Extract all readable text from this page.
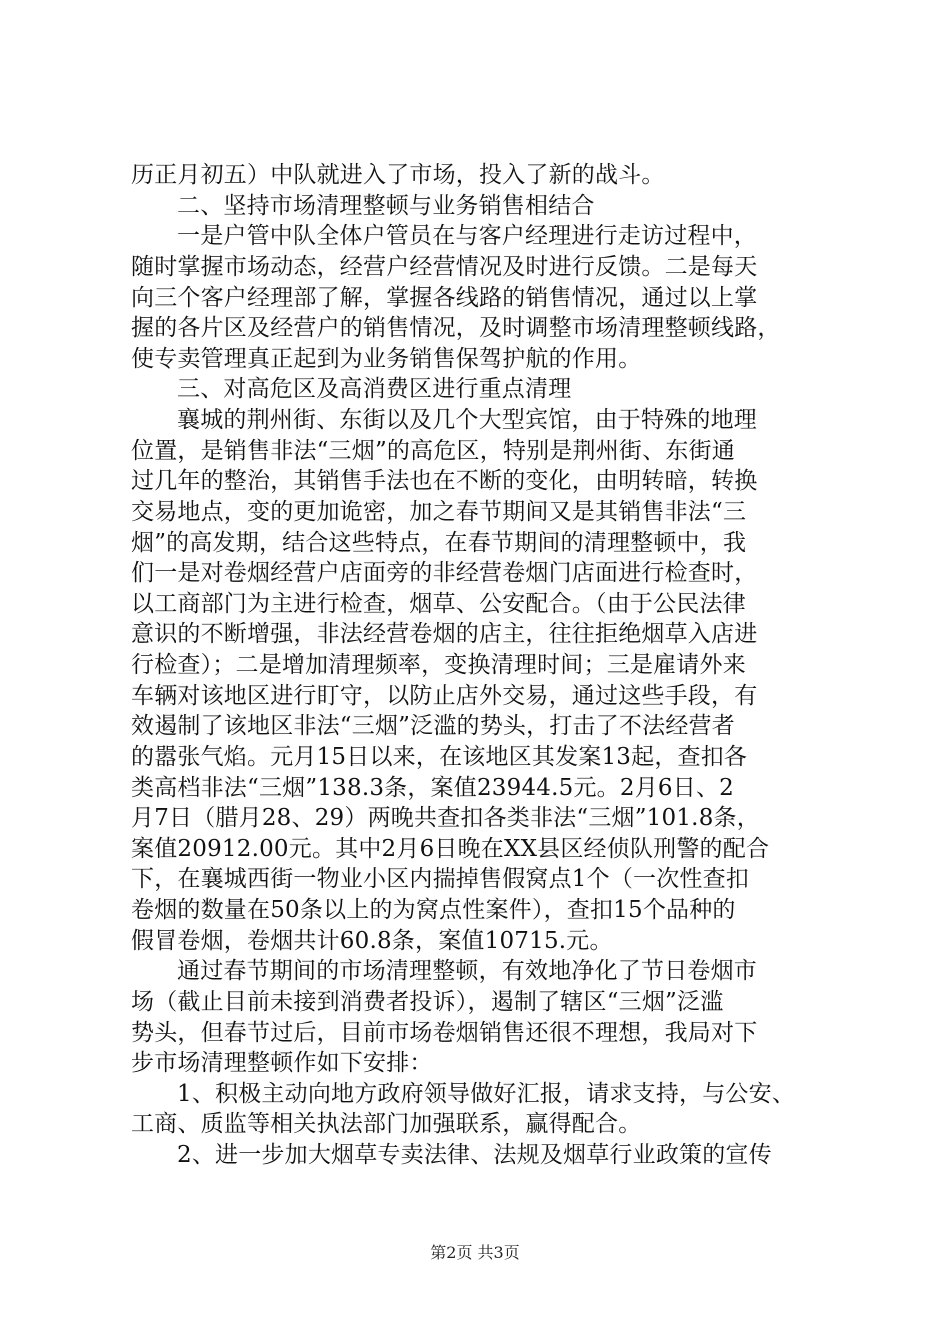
历正月初五）中队就进入了市场，投入了新的战斗。
二、坚持市场清理整顿与业务销售相结合
一是户管中队全体户管员在与客户经理进行走访过程中，
随时掌握市场动态，经营户经营情况及时进行反馈。二是每天
向三个客户经理部了解，掌握各线路的销售情况，通过以上掌
握的各片区及经营户的销售情况，及时调整市场清理整顿线路，
使专卖管理真正起到为业务销售保驾护航的作用。
三、对高危区及高消费区进行重点清理
襄城的荆州街、东街以及几个大型宾馆，由于特殊的地理
位置，是销售非法“三烟”的高危区，特别是荆州街、东街通
过几年的整治，其销售手法也在不断的变化，由明转暗，转换
交易地点，变的更加诡密，加之春节期间又是其销售非法“三
烟”的高发期，结合这些特点，在春节期间的清理整顿中，我
们一是对卷烟经营户店面旁的非经营卷烟门店面进行检查时，
以工商部门为主进行检查，烟草、公安配合。（由于公民法律
意识的不断增强，非法经营卷烟的店主，往往拒绝烟草入店进
行检查）；二是增加清理频率，变换清理时间；三是雇请外来
车辆对该地区进行盯守，以防止店外交易，通过这些手段，有
效遏制了该地区非法“三烟”泛滥的势头，打击了不法经营者
的嚣张气焰。元月15日以来，在该地区其发案13起，查扣各
类高档非法“三烟”138.3条，案值23944.5元。2月6日、2
月7日（腊月28、29）两晚共查扣各类非法“三烟”101.8条，
案值20912.00元。其中2月6日晚在XX县区经侦队刑警的配合
下，在襄城西街一物业小区内揣掉售假窝点1个（一次性查扣
卷烟的数量在50条以上的为窝点性案件），查扣15个品种的
假冒卷烟，卷烟共计60.8条，案值10715.元。
通过春节期间的市场清理整顿，有效地净化了节日卷烟市
场（截止目前未接到消费者投诉），遏制了辖区“三烟”泛滥
势头，但春节过后，目前市场卷烟销售还很不理想，我局对下
步市场清理整顿作如下安排：
1、积极主动向地方政府领导做好汇报，请求支持，与公安、
工商、质监等相关执法部门加强联系，赢得配合。
2、进一步加大烟草专卖法律、法规及烟草行业政策的宣传
第2页 共3页
